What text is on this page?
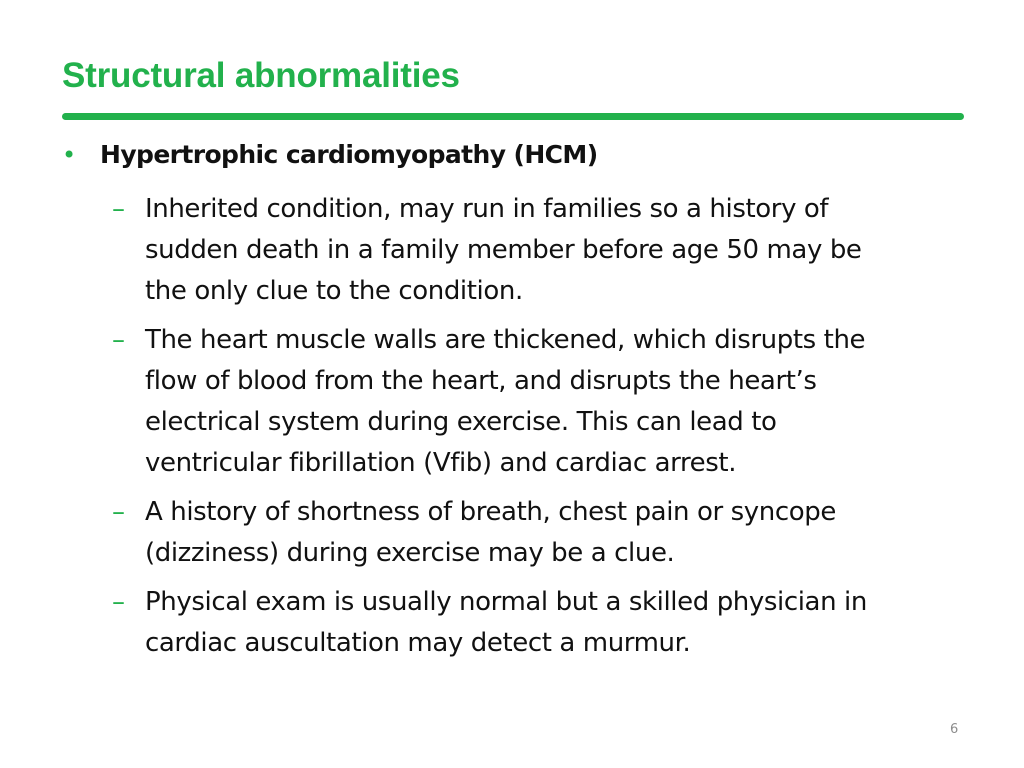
Structural abnormalities
• Hypertrophic cardiomyopathy (HCM)
– Inherited condition, may run in families so a history of
sudden death in a family member before age 50 may be
the only clue to the condition.
– The heart muscle walls are thickened, which disrupts the
flow of blood from the heart, and disrupts the heart’s
electrical system during exercise. This can lead to
ventricular fibrillation (Vfib) and cardiac arrest.
– A history of shortness of breath, chest pain or syncope
(dizziness) during exercise may be a clue.
– Physical exam is usually normal but a skilled physician in
cardiac auscultation may detect a murmur.
6
